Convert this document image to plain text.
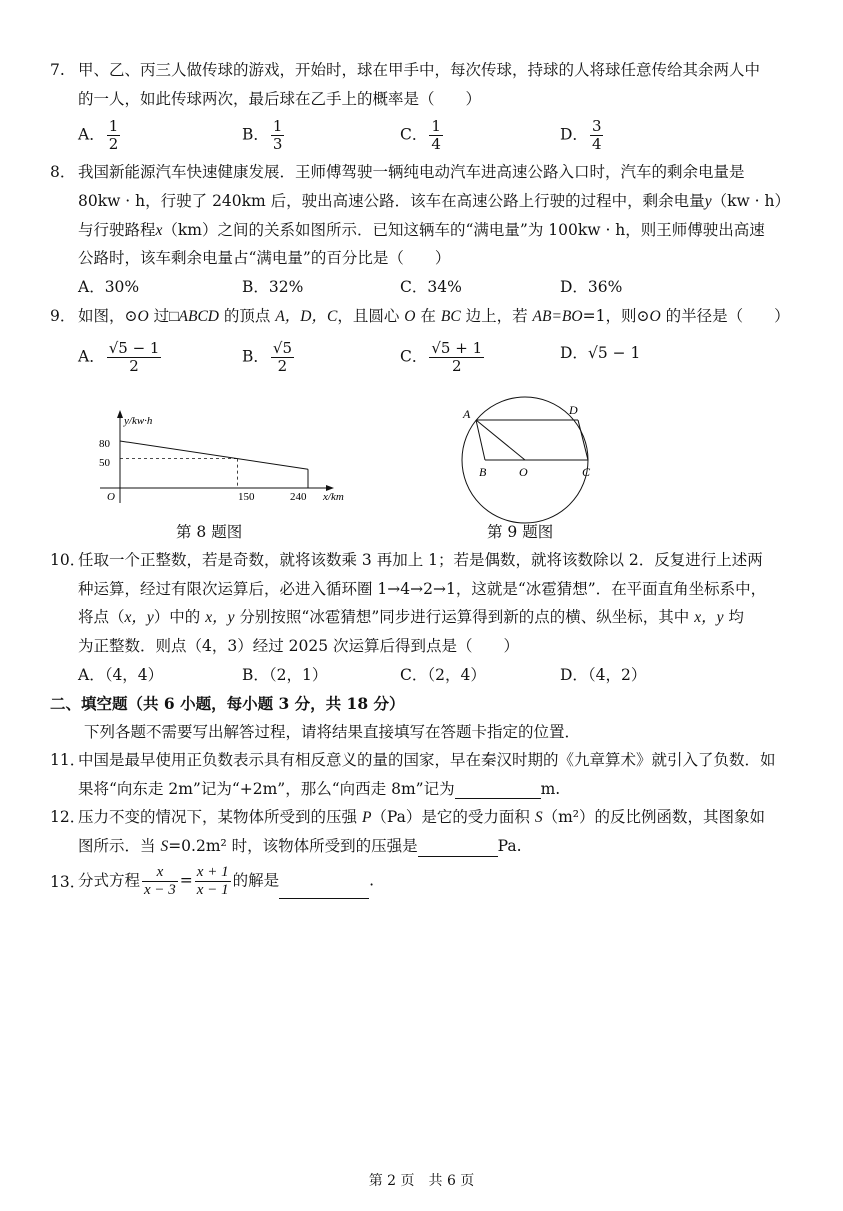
7. 甲、乙、丙三人做传球的游戏，开始时，球在甲手中，每次传球，持球的人将球任意传给其余两人中
的一人，如此传球两次，最后球在乙手上的概率是（　　）
A． $\frac{1}{2}$	B． $\frac{1}{3}$	C． $\frac{1}{4}$	D． $\frac{3}{4}$
8． 我国新能源汽车快速健康发展．王师傅驾驶一辆纯电动汽车进高速公路入口时，汽车的剩余电量是
80kw · h，行驶了 240km 后，驶出高速公路．该车在高速公路上行驶的过程中，剩余电量y（kw · h）
与行驶路程x（km）之间的关系如图所示．已知这辆车的“满电量”为 100kw · h，则王师傅驶出高速
公路时，该车剩余电量占“满电量”的百分比是（　　）
A．30%	B．32%	C．34%	D．36%
9． 如图，⊙O 过□ABCD 的顶点 A，D，C，且圆心 O 在 BC 边上，若 AB=BO=1，则⊙O 的半径是（　　）
A． $\frac{√5 - 1}{2}$	B． $\frac{√5}{2}$	C． $\frac{√5 + 1}{2}$	D．√5 − 1
y/kw·h
80
50
O	150	240 x/km
A	D
B	O	C
第 8 题图	第 9 题图
10．
任取一个正整数，若是奇数，就将该数乘 3 再加上 1；若是偶数，就将该数除以 2．反复进行上述两
种运算，经过有限次运算后，必进入循环圈 1→4→2→1，这就是“冰雹猜想”．在平面直角坐标系中，
将点（x，y）中的 x，y 分别按照“冰雹猜想”同步进行运算得到新的点的横、纵坐标，其中 x，y 均
为正整数．则点（4，3）经过 2025 次运算后得到点是（　　）
A．（4，4）	B．（2，1）	C．（2，4）	D．（4，2）
二、填空题（共 6 小题，每小题 3 分，共 18 分）
下列各题不需要写出解答过程，请将结果直接填写在答题卡指定的位置．
11．
中国是最早使用正负数表示具有相反意义的量的国家，早在秦汉时期的《九章算术》就引入了负数．如
果将“向东走 2m”记为“+2m”，那么“向西走 8m”记为	m.
12．
压力不变的情况下，某物体所受到的压强 P（Pa）是它的受力面积 S（m²）的反比例函数，其图象如
图所示．当 S=0.2m² 时，该物体所受到的压强是	Pa.
13．
分式方程 $\frac{x}{x - 3} = \frac{x + 1}{x - 1}$ 的解是	.
第 2 页　共 6 页
